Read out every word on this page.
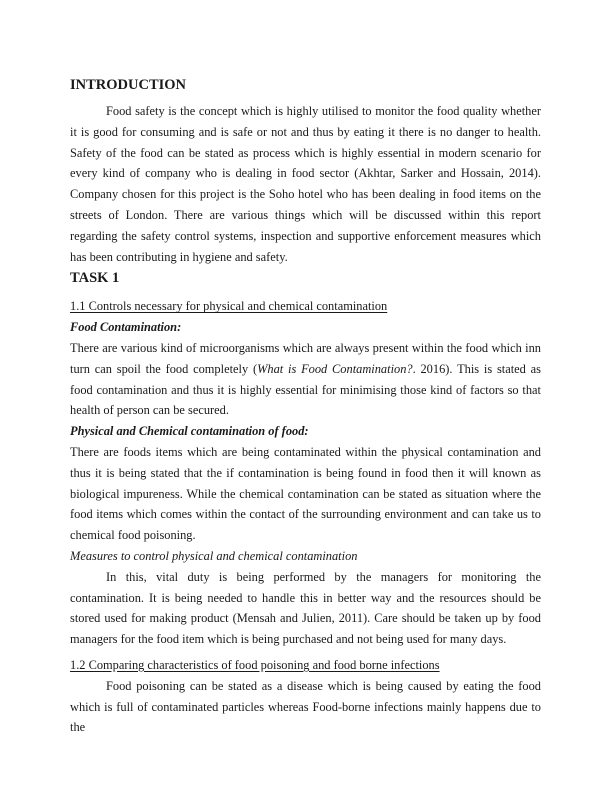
INTRODUCTION

Food safety is the concept which is highly utilised to monitor the food quality whether it is good for consuming and is safe or not and thus by eating it there is no danger to health. Safety of the food can be stated as process which is highly essential in modern scenario for every kind of company who is dealing in food sector (Akhtar, Sarker and Hossain, 2014). Company chosen for this project is the Soho hotel who has been dealing in food items on the streets of London. There are various things which will be discussed within this report regarding the safety control systems, inspection and supportive enforcement measures which has been contributing in hygiene and safety.

TASK 1
1.1 Controls necessary for physical and chemical contamination
Food Contamination:

There are various kind of microorganisms which are always present within the food which inn turn can spoil the food completely (What is Food Contamination?. 2016). This is stated as food contamination and thus it is highly essential for minimising those kind of factors so that health of person can be secured.

Physical and Chemical contamination of food:

There are foods items which are being contaminated within the physical contamination and thus it is being stated that the if contamination is being found in food then it will known as biological impureness. While the chemical contamination can be stated as situation where the food items which comes within the contact of the surrounding environment and can take us to chemical food poisoning.

Measures to control physical and chemical contamination

In this, vital duty is being performed by the managers for monitoring the contamination. It is being needed to handle this in better way and the resources should be stored used for making product (Mensah and Julien, 2011). Care should be taken up by food managers for the food item which is being purchased and not being used for many days.

1.2 Comparing characteristics of food poisoning and food borne infections

Food poisoning can be stated as a disease which is being caused by eating the food which is full of contaminated particles whereas Food-borne infections mainly happens due to the
